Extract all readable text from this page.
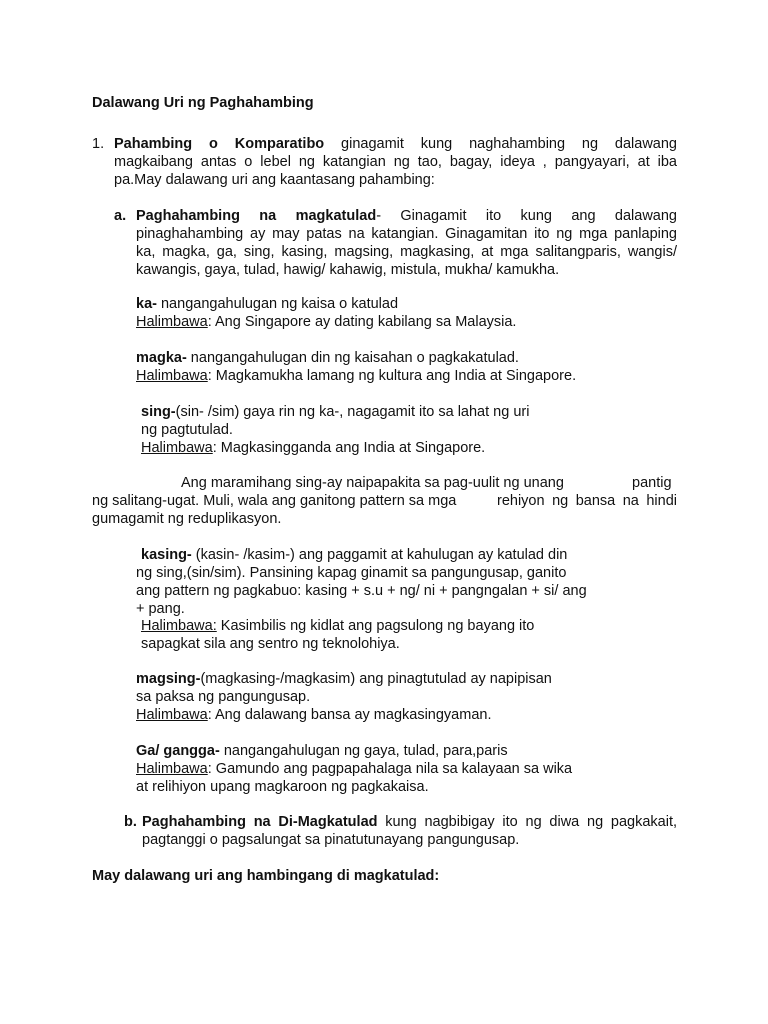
Dalawang Uri ng Paghahambing

1. Pahambing o Komparatibo ginagamit kung naghahambing ng dalawang

magkaibang antas o lebel ng katangian ng tao, bagay, ideya , pangyayari, at iba

pa.May dalawang uri ang kaantasang pahambing:

a. Paghahambing na magkatulad- Ginagamit ito kung ang dalawang

pinaghahambing ay may patas na katangian. Ginagamitan ito ng mga panlaping

ka, magka, ga, sing, kasing, magsing, magkasing, at mga salitangparis, wangis/

kawangis, gaya, tulad, hawig/ kahawig, mistula, mukha/ kamukha.

ka- nangangahulugan ng kaisa o katulad

Halimbawa: Ang Singapore ay dating kabilang sa Malaysia.

magka- nangangahulugan din ng kaisahan o pagkakatulad.

Halimbawa: Magkamukha lamang ng kultura ang India at Singapore.

sing-(sin- /sim) gaya rin ng ka-, nagagamit ito sa lahat ng uri

ng pagtutulad.

Halimbawa: Magkasingganda ang India at Singapore.

Ang maramihang sing-ay naipapakita sa pag-uulit ng unang	pantig

ng salitang-ugat. Muli, wala ang ganitong pattern sa mga	rehiyon ng bansa na hindi

gumagamit ng reduplikasyon.

kasing- (kasin- /kasim-) ang paggamit at kahulugan ay katulad din

ng sing,(sin/sim). Pansining kapag ginamit sa pangungusap, ganito

ang pattern ng pagkabuo: kasing + s.u + ng/ ni + pangngalan + si/ ang

+ pang.

Halimbawa: Kasimbilis ng kidlat ang pagsulong ng bayang ito

sapagkat sila ang sentro ng teknolohiya.

magsing-(magkasing-/magkasim) ang pinagtutulad ay napipisan

sa paksa ng pangungusap.

Halimbawa: Ang dalawang bansa ay magkasingyaman.

Ga/ gangga- nangangahulugan ng gaya, tulad, para,paris

Halimbawa: Gamundo ang pagpapahalaga nila sa kalayaan sa wika

at relihiyon upang magkaroon ng pagkakaisa.

b. Paghahambing na Di-Magkatulad kung nagbibigay ito ng diwa ng pagkakait,

pagtanggi o pagsalungat sa pinatutunayang pangungusap.

May dalawang uri ang hambingang di magkatulad:
